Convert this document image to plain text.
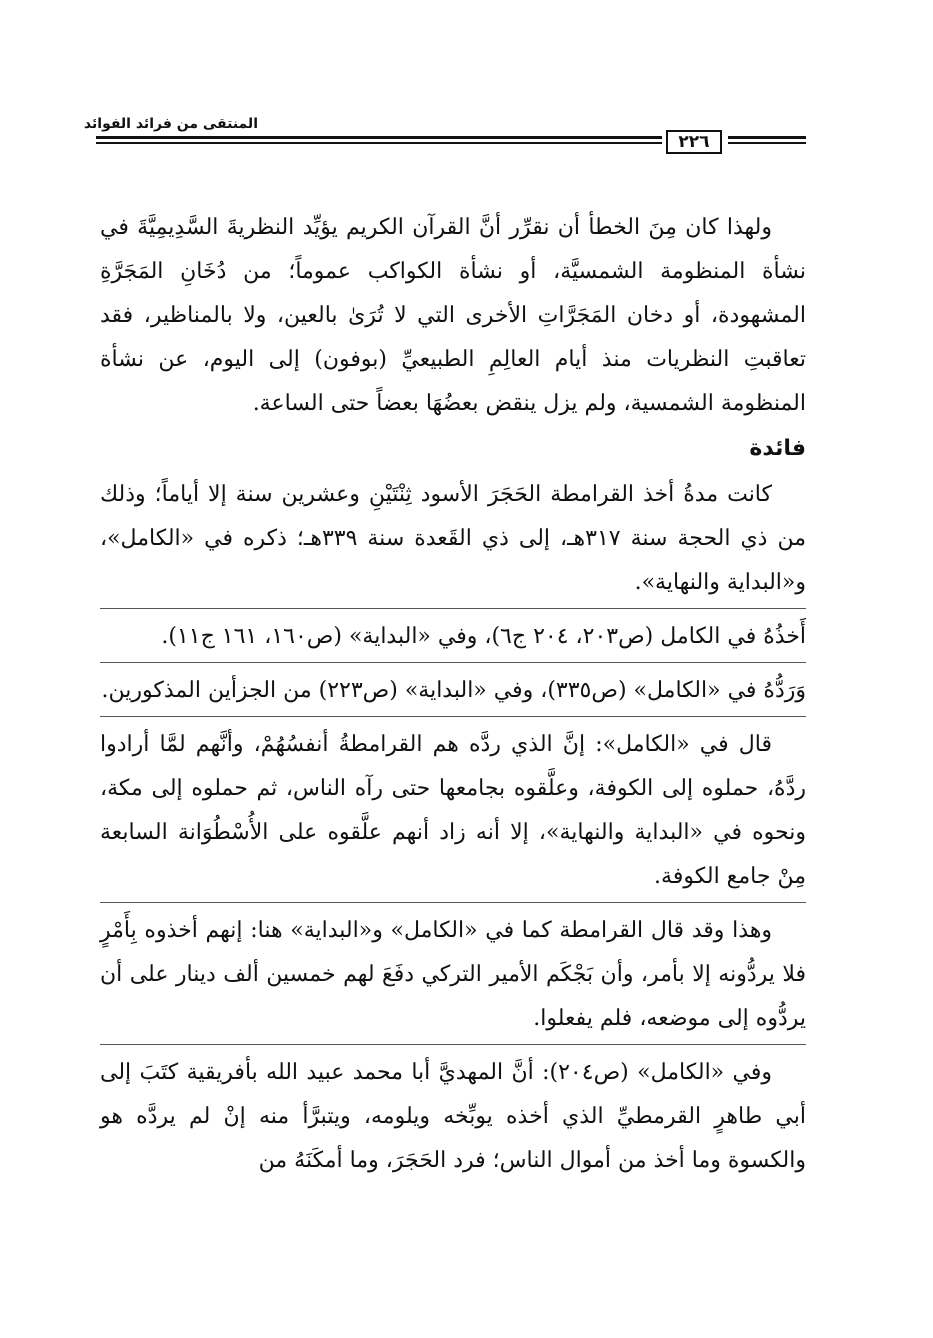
المنتقى من فرائد الفوائد
٢٢٦

ولهذا كان مِنَ الخطأ أن نقرِّر أنَّ القرآن الكريم يؤيِّد النظريةَ السَّدِيمِيَّةَ في نشأة المنظومة الشمسيَّة، أو نشأة الكواكب عموماً؛ من دُخَانِ المَجَرَّةِ المشهودة، أو دخان المَجَرَّاتِ الأخرى التي لا تُرَىٰ بالعين، ولا بالمناظير، فقد تعاقبتِ النظريات منذ أيام العالِمِ الطبيعيِّ (بوفون) إلى اليوم، عن نشأة المنظومة الشمسية، ولم يزل ينقض بعضُهَا بعضاً حتى الساعة.

فائدة

كانت مدةُ أخذ القرامطة الحَجَرَ الأسود ثِنْتَيْنِ وعشرين سنة إلا أياماً؛ وذلك من ذي الحجة سنة ٣١٧هـ، إلى ذي القَعدة سنة ٣٣٩هـ؛ ذكره في «الكامل»، و«البداية والنهاية».

أَخذُهُ في الكامل (ص٢٠٣، ٢٠٤ ج٦)، وفي «البداية» (ص١٦٠، ١٦١ ج١١).

وَرَدُّهُ في «الكامل» (ص٣٣٥)، وفي «البداية» (ص٢٢٣) من الجزأين المذكورين.

قال في «الكامل»: إنَّ الذي ردَّه هم القرامطةُ أنفسُهُمْ، وأنَّهم لمَّا أرادوا ردَّهُ، حملوه إلى الكوفة، وعلَّقوه بجامعها حتى رآه الناس، ثم حملوه إلى مكة، ونحوه في «البداية والنهاية»، إلا أنه زاد أنهم علَّقوه على الأُسْطُوَانة السابعة مِنْ جامع الكوفة.

وهذا وقد قال القرامطة كما في «الكامل» و«البداية» هنا: إنهم أخذوه بِأَمْرٍ فلا يردُّونه إلا بأمر، وأن بَجْكَم الأمير التركي دفَعَ لهم خمسين ألف دينار على أن يردُّوه إلى موضعه، فلم يفعلوا.

وفي «الكامل» (ص٢٠٤): أنَّ المهديَّ أبا محمد عبيد الله بأفريقية كتَبَ إلى أبي طاهرٍ القرمطيِّ الذي أخذه يوبِّخه ويلومه، ويتبرَّأ منه إنْ لم يردَّه هو والكسوة وما أخذ من أموال الناس؛ فرد الحَجَرَ، وما أمكَنَهُ من
